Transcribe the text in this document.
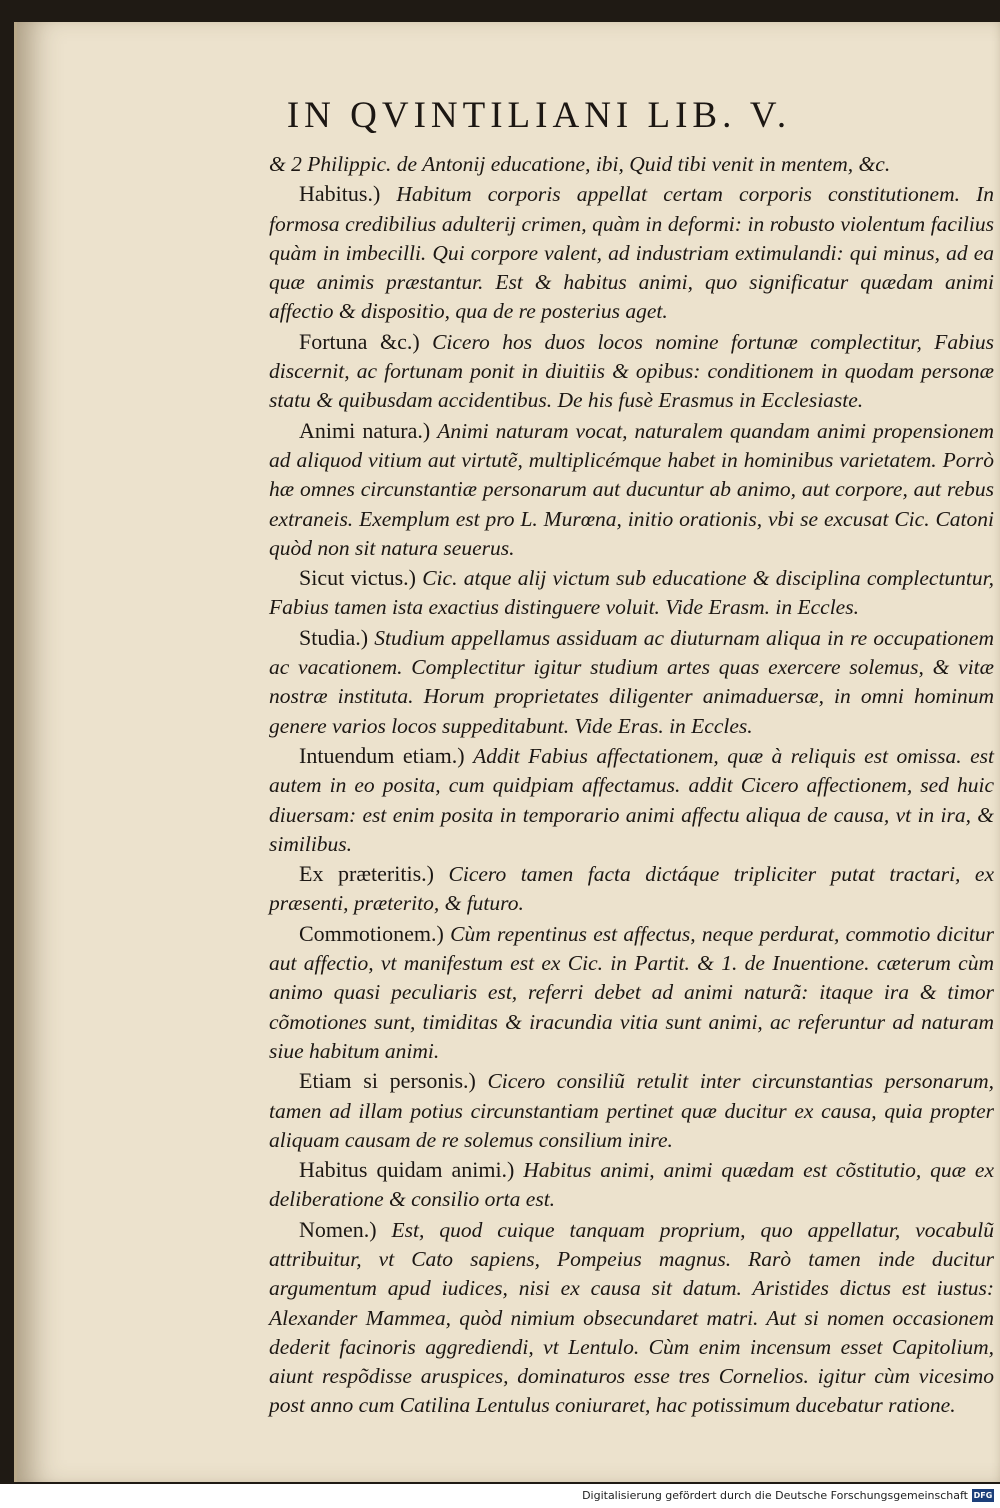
IN QVINTILIANI LIB. V.

& 2 Philippic. de Antonij educatione, ibi, Quid tibi venit in mentem, &c.

Habitus.) Habitum corporis appellat certam corporis constitutionem. In formosa credibilius adulterij crimen, quàm in deformi: in robusto violentum facilius quàm in imbecilli. Qui corpore valent, ad industriam extimulandi: qui minus, ad ea quæ animis præstantur. Est & habitus animi, quo significatur quædam animi affectio & dispositio, qua de re posterius aget.

Fortuna &c.) Cicero hos duos locos nomine fortunæ complectitur, Fabius discernit, ac fortunam ponit in diuitiis & opibus: conditionem in quodam personæ statu & quibusdam accidentibus. De his fusè Erasmus in Ecclesiaste.

Animi natura.) Animi naturam vocat, naturalem quandam animi propensionem ad aliquod vitium aut virtutẽ, multiplicémque habet in hominibus varietatem. Porrò hæ omnes circunstantiæ personarum aut ducuntur ab animo, aut corpore, aut rebus extraneis. Exemplum est pro L. Murœna, initio orationis, vbi se excusat Cic. Catoni quòd non sit natura seuerus.

Sicut victus.) Cic. atque alij victum sub educatione & disciplina complectuntur, Fabius tamen ista exactius distinguere voluit. Vide Erasm. in Eccles.

Studia.) Studium appellamus assiduam ac diuturnam aliqua in re occupationem ac vacationem. Complectitur igitur studium artes quas exercere solemus, & vitæ nostræ instituta. Horum proprietates diligenter animaduersæ, in omni hominum genere varios locos suppeditabunt. Vide Eras. in Eccles.

Intuendum etiam.) Addit Fabius affectationem, quæ à reliquis est omissa. est autem in eo posita, cum quidpiam affectamus. addit Cicero affectionem, sed huic diuersam: est enim posita in temporario animi affectu aliqua de causa, vt in ira, & similibus.

Ex præteritis.) Cicero tamen facta dictáque tripliciter putat tractari, ex præsenti, præterito, & futuro.

Commotionem.) Cùm repentinus est affectus, neque perdurat, commotio dicitur aut affectio, vt manifestum est ex Cic. in Partit. & 1. de Inuentione. cæterum cùm animo quasi peculiaris est, referri debet ad animi naturã: itaque ira & timor cõmotiones sunt, timiditas & iracundia vitia sunt animi, ac referuntur ad naturam siue habitum animi.

Etiam si personis.) Cicero consiliũ retulit inter circunstantias personarum, tamen ad illam potius circunstantiam pertinet quæ ducitur ex causa, quia propter aliquam causam de re solemus consilium inire.

Habitus quidam animi.) Habitus animi, animi quædam est cõstitutio, quæ ex deliberatione & consilio orta est.

Nomen.) Est, quod cuique tanquam proprium, quo appellatur, vocabulũ attribuitur, vt Cato sapiens, Pompeius magnus. Rarò tamen inde ducitur argumentum apud iudices, nisi ex causa sit datum. Aristides dictus est iustus: Alexander Mammea, quòd nimium obsecundaret matri. Aut si nomen occasionem dederit facinoris aggrediendi, vt Lentulo. Cùm enim incensum esset Capitolium, aiunt respõdisse aruspices, dominaturos esse tres Cornelios. igitur cùm vicesimo post anno cum Catilina Lentulus coniuraret, hac potissimum ducebatur ratione.

Digitalisierung gefördert durch die Deutsche Forschungsgemeinschaft DFG
